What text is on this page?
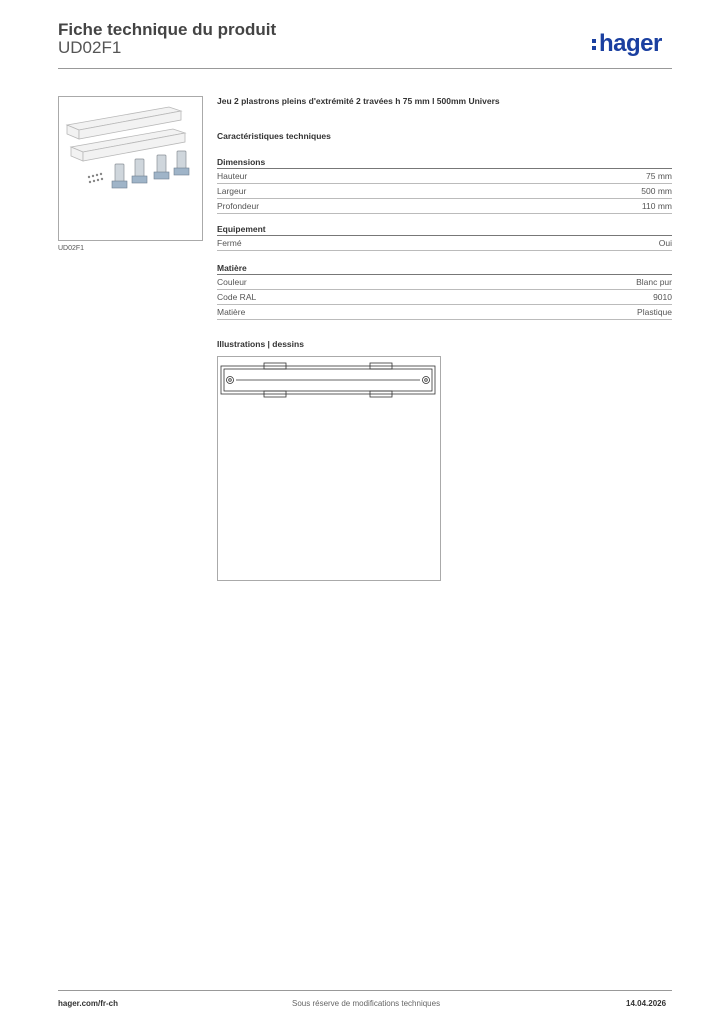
Fiche technique du produit
UD02F1	hager
UD02F1
Jeu 2 plastrons pleins d'extrémité 2 travées h 75 mm l 500mm Univers
Caractéristiques techniques
Dimensions
Hauteur	75 mm
Largeur	500 mm
Profondeur	110 mm
Equipement
Fermé	Oui
Matière
Couleur	Blanc pur
Code RAL	9010
Matière	Plastique
Illustrations | dessins
hager.com/fr-ch	Sous réserve de modifications techniques	14.04.2026
